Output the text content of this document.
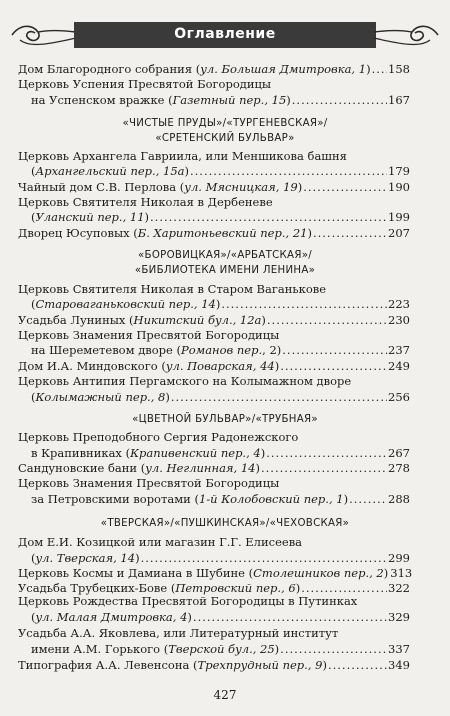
Оглавление
Дом Благородного собрания (ул. Большая Дмитровка, 1) ..... 158
Церковь Успения Пресвятой Богородицы
на Успенском вражке (Газетный пер., 15) .....	167
«ЧИСТЫЕ ПРУДЫ»/«ТУРГЕНЕВСКАЯ»/
«СРЕТЕНСКИЙ БУЛЬВАР»
Церковь Архангела Гавриила, или Меншикова башня
(Архангельский пер., 15а) .....	179
Чайный дом С.В. Перлова (ул. Мясницкая, 19) .....	190
Церковь Святителя Николая в Дербеневе
(Уланский пер., 11) .....	199
Дворец Юсуповых (Б. Харитоньевский пер., 21) .....	207
«БОРОВИЦКАЯ»/«АРБАТСКАЯ»/
«БИБЛИОТЕКА ИМЕНИ ЛЕНИНА»
Церковь Святителя Николая в Старом Ваганькове
(Староваганьковский пер., 14) .....	223
Усадьба Луниных (Никитский бул., 12а) .....	230
Церковь Знамения Пресвятой Богородицы
на Шереметевом дворе (Романов пер., 2) .....	237
Дом И.А. Миндовского (ул. Поварская, 44) .....	249
Церковь Антипия Пергамского на Колымажном дворе
(Колымажный пер., 8) .....	256
«ЦВЕТНОЙ БУЛЬВАР»/«ТРУБНАЯ»
Церковь Преподобного Сергия Радонежского
в Крапивниках (Крапивенский пер., 4) .....	267
Сандуновские бани (ул. Неглинная, 14) .....	278
Церковь Знамения Пресвятой Богородицы
за Петровскими воротами (1-й Колобовский пер., 1) .....	288
«ТВЕРСКАЯ»/«ПУШКИНСКАЯ»/«ЧЕХОВСКАЯ»
Дом Е.И. Козицкой или магазин Г.Г. Елисеева
(ул. Тверская, 14) .....	299
Церковь Космы и Дамиана в Шубине (Столешников пер., 2) 313
Усадьба Трубецких-Бове (Петровский пер., 6) .....	322
Церковь Рождества Пресвятой Богородицы в Путинках
(ул. Малая Дмитровка, 4) .....	329
Усадьба А.А. Яковлева, или Литературный институт
имени А.М. Горького (Тверской бул., 25) .....	337
Типография А.А. Левенсона (Трехпрудный пер., 9) .....	349
427
